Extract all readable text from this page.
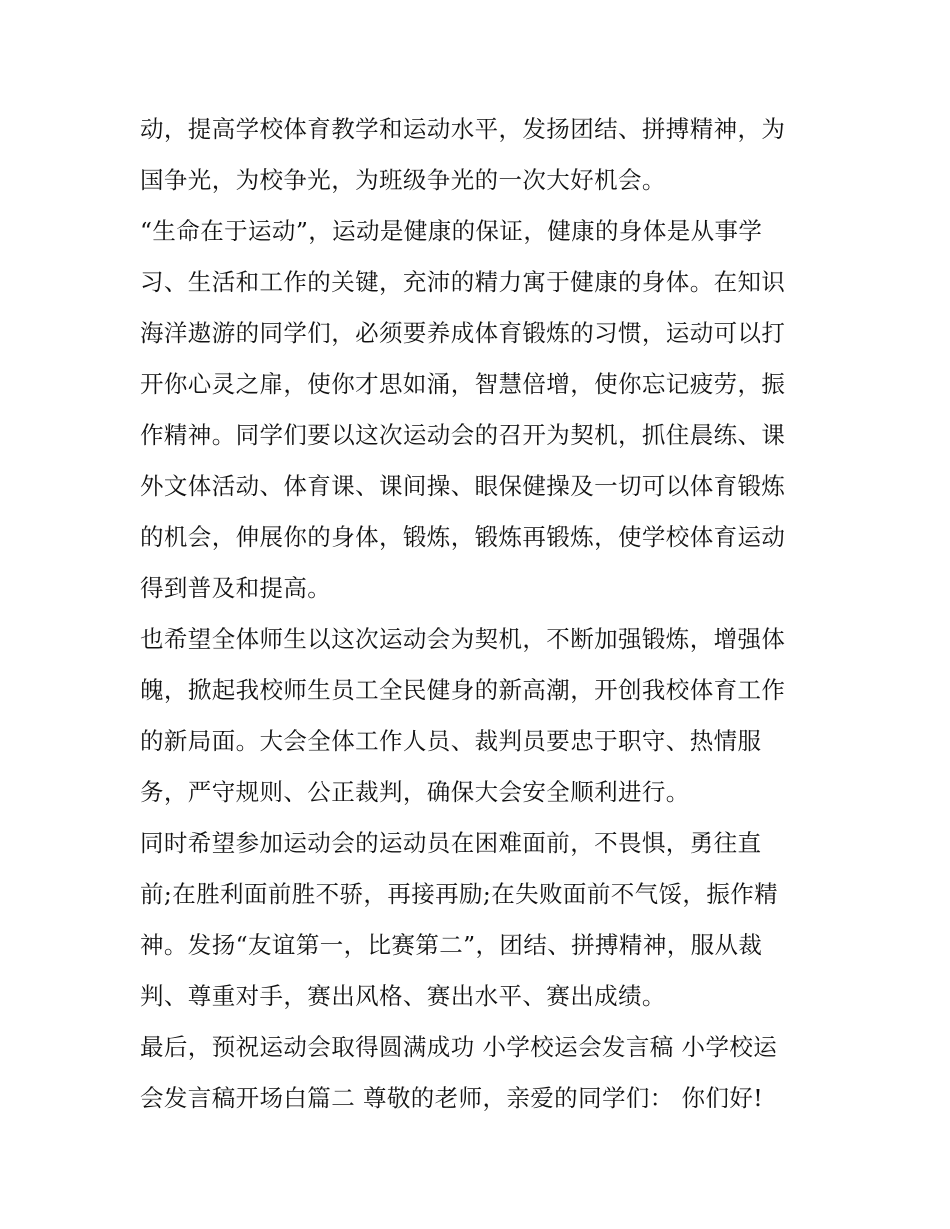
动，提高学校体育教学和运动水平，发扬团结、拼搏精神，为
国争光，为校争光，为班级争光的一次大好机会。
“生命在于运动”，运动是健康的保证，健康的身体是从事学
习、生活和工作的关键，充沛的精力寓于健康的身体。在知识
海洋遨游的同学们，必须要养成体育锻炼的习惯，运动可以打
开你心灵之扉，使你才思如涌，智慧倍增，使你忘记疲劳，振
作精神。同学们要以这次运动会的召开为契机，抓住晨练、课
外文体活动、体育课、课间操、眼保健操及一切可以体育锻炼
的机会，伸展你的身体，锻炼，锻炼再锻炼，使学校体育运动
得到普及和提高。
也希望全体师生以这次运动会为契机，不断加强锻炼，增强体
魄，掀起我校师生员工全民健身的新高潮，开创我校体育工作
的新局面。大会全体工作人员、裁判员要忠于职守、热情服
务，严守规则、公正裁判，确保大会安全顺利进行。
同时希望参加运动会的运动员在困难面前，不畏惧，勇往直
前;在胜利面前胜不骄，再接再励;在失败面前不气馁，振作精
神。发扬“友谊第一，比赛第二”，团结、拼搏精神，服从裁
判、尊重对手，赛出风格、赛出水平、赛出成绩。
最后，预祝运动会取得圆满成功 小学校运会发言稿 小学校运
会发言稿开场白篇二 尊敬的老师，亲爱的同学们： 你们好!
